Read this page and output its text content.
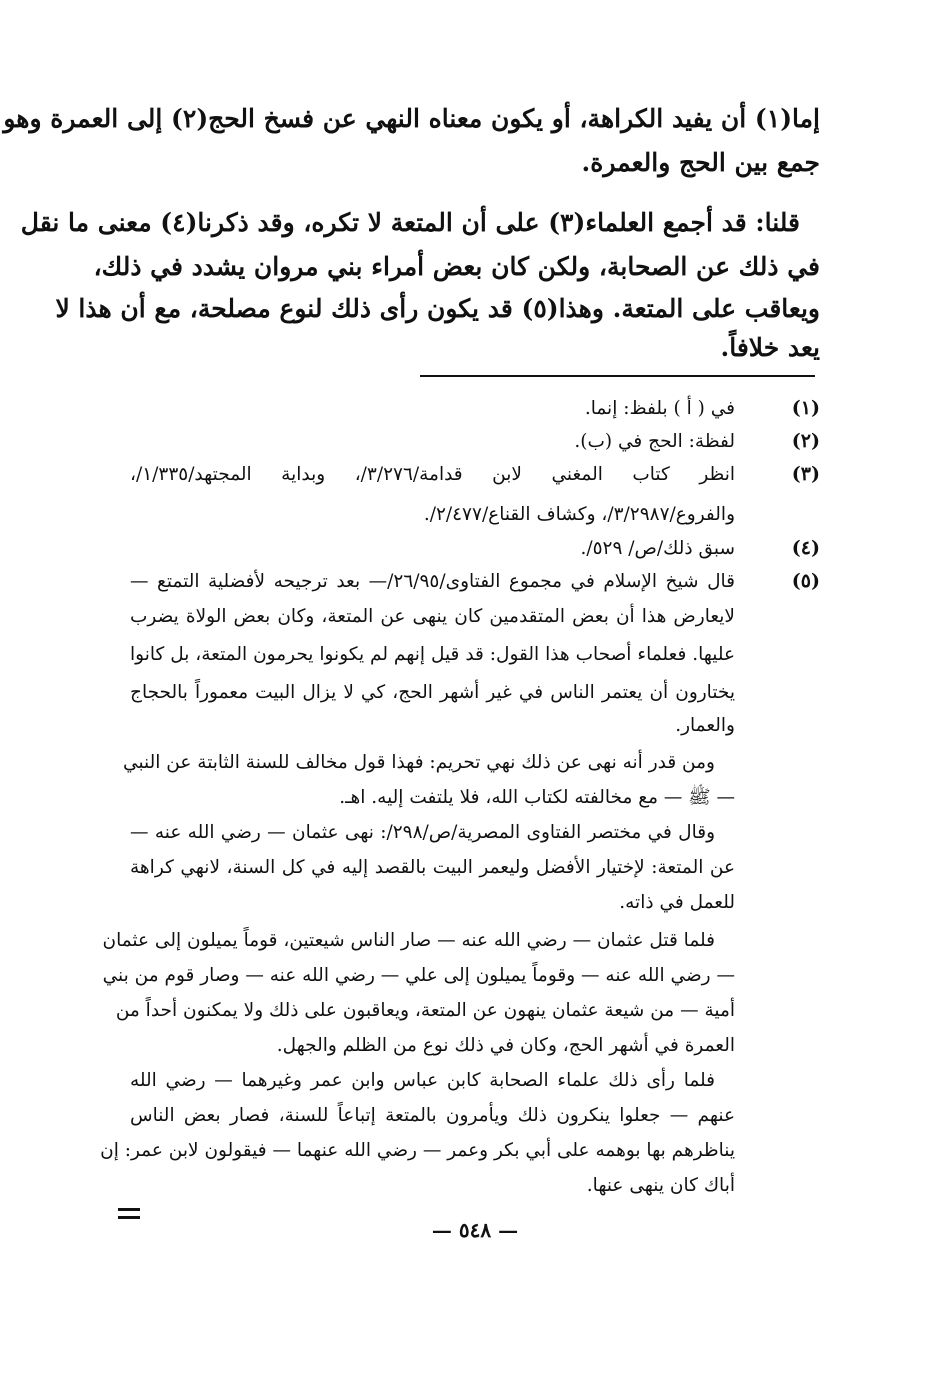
إما(١) أن يفيد الكراهة، أو يكون معناه النهي عن فسخ الحج(٢) إلى العمرة وهو
جمع بين الحج والعمرة.
قلنا: قد أجمع العلماء(٣) على أن المتعة لا تكره، وقد ذكرنا(٤) معنى ما نقل
في ذلك عن الصحابة، ولكن كان بعض أمراء بني مروان يشدد في ذلك،
ويعاقب على المتعة. وهذا(٥) قد يكون رأى ذلك لنوع مصلحة، مع أن هذا لا
يعد خلافاً.
(١)
(٢)
(٣)
(٤)
(٥)
في ( أ ) بلفظ: إنما.
لفظة: الحج في (ب).
انظر كتاب المغني لابن قدامة/٣/٢٧٦/، وبداية المجتهد/١/٣٣٥/،
والفروع/٣/٢٩٨٧/، وكشاف القناع/٢/٤٧٧/.
سبق ذلك/ص/ ٥٢٩/.
قال شيخ الإسلام في مجموع الفتاوى/٢٦/٩٥/— بعد ترجيحه لأفضلية التمتع —
لايعارض هذا أن بعض المتقدمين كان ينهى عن المتعة، وكان بعض الولاة يضرب
عليها. فعلماء أصحاب هذا القول: قد قيل إنهم لم يكونوا يحرمون المتعة، بل كانوا
يختارون أن يعتمر الناس في غير أشهر الحج، كي لا يزال البيت معموراً بالحجاج
والعمار.
ومن قدر أنه نهى عن ذلك نهي تحريم: فهذا قول مخالف للسنة الثابتة عن النبي
— ﷺ — مع مخالفته لكتاب الله، فلا يلتفت إليه. اهـ.
وقال في مختصر الفتاوى المصرية/ص/٢٩٨/: نهى عثمان — رضي الله عنه —
عن المتعة: لإختيار الأفضل وليعمر البيت بالقصد إليه في كل السنة، لانهي كراهة
للعمل في ذاته.
فلما قتل عثمان — رضي الله عنه — صار الناس شيعتين، قوماً يميلون إلى عثمان
— رضي الله عنه — وقوماً يميلون إلى علي — رضي الله عنه — وصار قوم من بني
أمية — من شيعة عثمان ينهون عن المتعة، ويعاقبون على ذلك ولا يمكنون أحداً من
العمرة في أشهر الحج، وكان في ذلك نوع من الظلم والجهل.
فلما رأى ذلك علماء الصحابة كابن عباس وابن عمر وغيرهما — رضي الله
عنهم — جعلوا ينكرون ذلك ويأمرون بالمتعة إتباعاً للسنة، فصار بعض الناس
يناظرهم بها بوهمه على أبي بكر وعمر — رضي الله عنهما — فيقولون لابن عمر: إن
أباك كان ينهى عنها.
— ٥٤٨ —
